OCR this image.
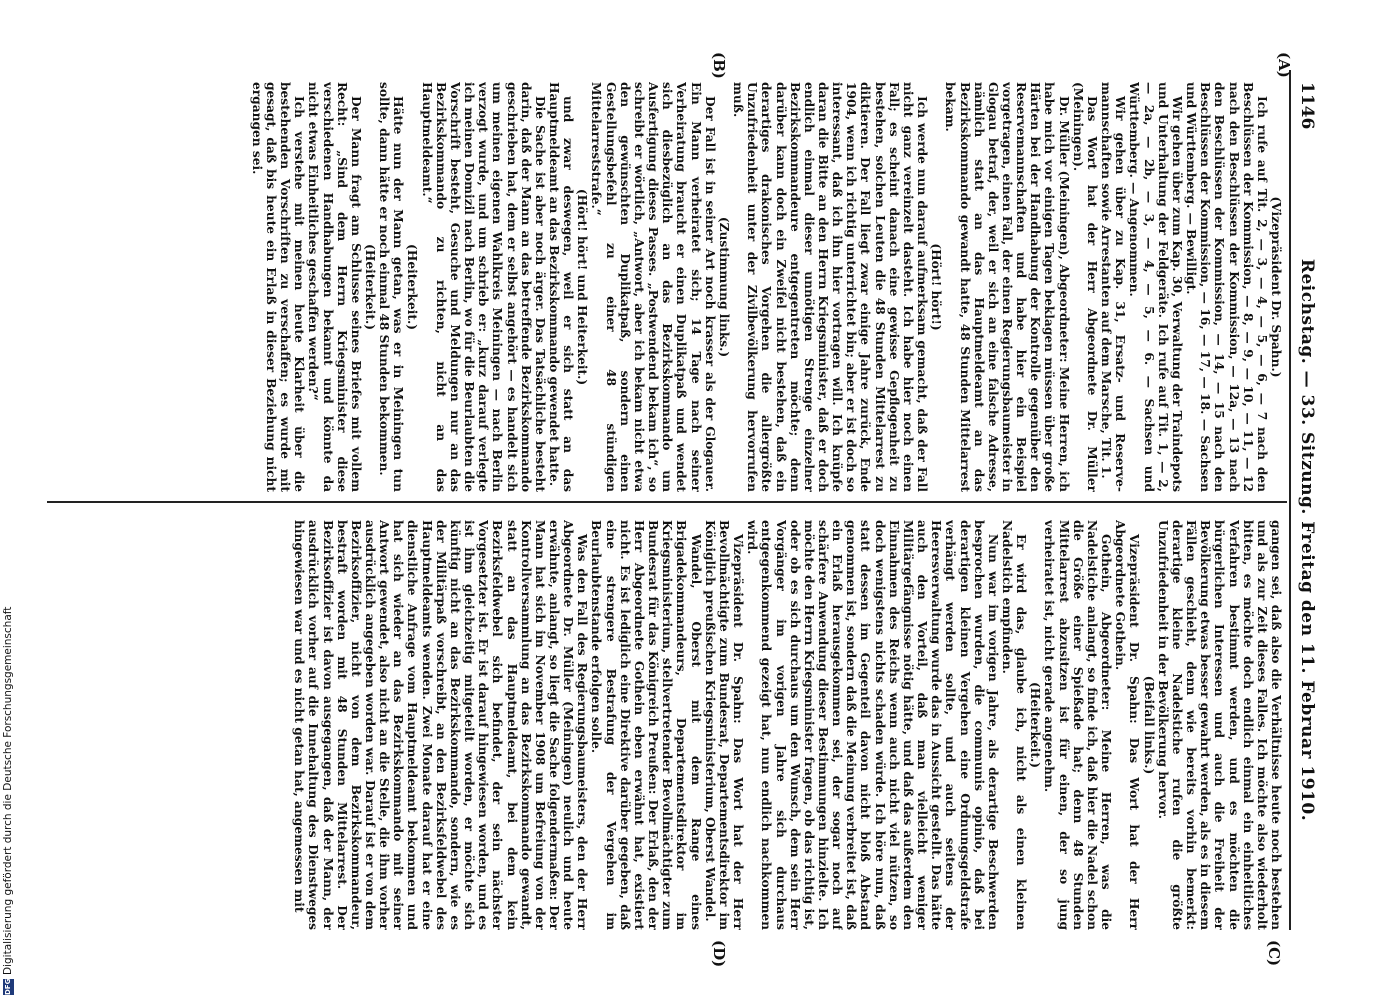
1146
Reichstag. — 33. Sitzung. Freitag den 11. Februar 1910.
(A)
(B)
(C)
(D)

(Vizepräsident Dr. Spahn.)

Ich rufe auf Tit. 2, — 3, — 4, — 5, — 6, — 7 nach den Beschlüssen der Kommission, — 8, — 9, — 10, — 11, — 12 nach den Beschlüssen der Kommission, — 12a, — 13 nach den Beschlüssen der Kommission, — 14, — 15 nach den Beschlüssen der Kommission, — 16, — 17, — 18. — Sachsen und Württemberg. — Bewilligt.

Wir gehen über zum Kap. 30, Verwaltung der Traindepots und Unterhaltung der Feldgeräte. Ich rufe auf Tit. 1, — 2, — 2a, — 2b, — 3, — 4, — 5, — 6. — Sachsen und Württemberg. — Angenommen.

Wir gehen über zu Kap. 31, Ersatz- und Reserve-mannschaften sowie Arrestanten auf dem Marsche, Tit. 1.

Das Wort hat der Herr Abgeordnete Dr. Müller (Meiningen).

Dr. Müller (Meiningen), Abgeordneter: Meine Herren, ich habe mich vor einigen Tagen beklagen müssen über große Härten bei der Handhabung der Kontrolle gegenüber den Reservemannschaften und habe hier ein Beispiel vorgetragen, einen Fall, der einen Regierungsbaumeister in Glogau betraf, der, weil er sich an eine falsche Adresse, nämlich statt an das Hauptmeldeamt an das Bezirkskommando gewandt hatte, 48 Stunden Mittelarrest bekam.

(Hört! hört!)

Ich werde nun darauf aufmerksam gemacht, daß der Fall nicht ganz vereinzelt dasteht. Ich habe hier noch einen Fall; es scheint danach eine gewisse Gepflogenheit zu bestehen, solchen Leuten die 48 Stunden Mittelarrest zu diktieren. Der Fall liegt zwar einige Jahre zurück, Ende 1904, wenn ich richtig unterrichtet bin; aber er ist doch so interessant, daß ich ihn hier vortragen will. Ich knüpfe daran die Bitte an den Herrn Kriegsminister, daß er doch endlich einmal dieser unnötigen Strenge einzelner Bezirkskommandeure entgegentreten möchte; denn darüber kann doch ein Zweifel nicht bestehen, daß ein derartiges drakonisches Vorgehen die allergrößte Unzufriedenheit unter der Zivilbevölkerung hervorrufen muß.

(Zustimmung links.)

Der Fall ist in seiner Art noch krasser als der Glogauer. Ein Mann verheiratet sich; 14 Tage nach seiner Verheiratung braucht er einen Duplikatpaß und wendet sich diesbezüglich an das Bezirkskommando um Ausfertigung dieses Passes. „Postwendend bekam ich“, so schreibt er wörtlich, „Antwort, aber ich bekam nicht etwa den gewünschten Duplikatpaß, sondern einen Gestellungsbefehl zu einer 48 stündigen Mittelarreststrafe.“

(Hört! hört! und Heiterkeit.)

und zwar deswegen, weil er sich statt an das Hauptmeldeamt an das Bezirkskommando gewendet hatte.

Die Sache ist aber noch ärger. Das Tatsächliche besteht darin, daß der Mann an das betreffende Bezirkskommando geschrieben hat, dem er selbst angehört — es handelt sich um meinen eigenen Wahlkreis Meiningen — nach Berlin verzogt wurde, und um schrieb er: „kurz darauf verlegte ich meinen Domizil nach Berlin, wo für die Beurlaubten die Vorschrift besteht, Gesuche und Meldungen nur an das Bezirkskommando zu richten, nicht an das Hauptmeldeamt.“

(Heiterkeit.)

Hätte nun der Mann getan, was er in Meiningen tun sollte, dann hätte er noch einmal 48 Stunden bekommen.

(Heiterkeit.)

Der Mann fragt am Schlusse seines Briefes mit vollem Recht: „Sind dem Herrn Kriegsminister diese verschiedenen Handhabungen bekannt und könnte da nicht etwas Einheitliches geschaffen werden?“

Ich verstehe mit meinen heute Klarheit über die bestehenden Vorschriften zu verschaffen; es wurde mit gesagt, daß bis heute ein Erlaß in dieser Beziehung nicht ergangen sei.

gangen sei, daß also die Verhältnisse heute noch bestehen und als zur Zeit dieses Falles. Ich möchte also wiederholt bitten, es möchte doch endlich einmal ein einheitliches Verfahren bestimmt werden, und es möchten die bürgerlichen Interessen und auch die Freiheit der Bevölkerung etwas besser gewahrt werden, als es in diesem Fällen geschieht, denn wie bereits vorhin bemerkt: derartige kleine Nadelstiche rufen die größte Unzufriedenheit in der Bevölkerung hervor.

(Beifall links.)

Vizepräsident Dr. Spahn: Das Wort hat der Herr Abgeordnete Gothein.

Gothein, Abgeordneter: Meine Herren, was die Nadelstiche anlangt, so finde ich, daß hier die Nadel schon die Größe einer Spießade hat; denn 48 Stunden Mittelarrest abzusitzen ist für einen, der so jung verheiratet ist, nicht gerade angenehm.

(Heiterkeit.)

Er wird das, glaube ich, nicht als einen kleinen Nadelstich empfinden.

Nun war im vorigen Jahre, als derartige Beschwerden besprochen wurden, die communis opinio, daß bei derartigen kleinen Vergehen eine Ordnungsgeldstrafe verhängt werden sollte, und auch seitens der Heeresverwaltung wurde das in Aussicht gestellt. Das hätte auch den Vorteil, daß man vielleicht weniger Militärgefängnisse nötig hätte, und daß das außerdem den Einnahmen des Reichs wenn auch nicht viel nützen, so doch wenigstens nichts schaden würde. Ich höre nun, daß statt dessen im Gegenteil davon nicht bloß Abstand genommen ist, sondern daß die Meinung verbreitet ist, daß ein Erlaß herausgekommen sei, der sogar noch auf schärfere Anwendung dieser Bestimmungen hinzielte. Ich möchte den Herrn Kriegsminister fragen, ob das richtig ist, oder ob es sich durchaus um den Wunsch, dem sein Herr Vorgänger im vorigen Jahre sich durchaus entgegenkommend gezeigt hat, nun endlich nachkommen wird.

Vizepräsident Dr. Spahn: Das Wort hat der Herr Bevollmächtigte zum Bundesrat, Departementsdirektor im Königlich preußischen Kriegsministerium, Oberst Wandel.

Wandel, Oberst mit dem Range eines Brigadekommandeurs, Departementsdirektor im Kriegsministerium, stellvertretender Bevollmächtigter zum Bundesrat für das Königreich Preußen: Der Erlaß, den der Herr Abgeordnete Gothein eben erwähnt hat, existiert nicht. Es ist lediglich eine Direktive darüber gegeben, daß eine strengere Bestrafung der Vergehen im Beurlaubtenstande erfolgen solle.

Was den Fall des Regierungsbaumeisters, den der Herr Abgeordnete Dr. Müller (Meiningen) neulich und heute erwähnte, anlangt, so liegt die Sache folgendermaßen: Der Mann hat sich im November 1908 um Befreiung von der Kontrollversammlung an das Bezirkskommando gewandt, statt an das Hauptmeldeamt, bei dem kein Bezirksfeldwebel sich befindet, der sein nächster Vorgesetzter ist. Er ist darauf hingewiesen worden, und es ist ihm gleichzeitig mitgeteilt worden, er möchte sich künftig nicht an das Bezirkskommando, sondern, wie es der Militärpaß vorschreibt, an den Bezirksfeldwebel des Hauptmeldeamts wenden. Zwei Monate darauf hat er eine dienstliche Anfrage vom Hauptmeldeamt bekommen und hat sich wieder an das Bezirkskommando mit seiner Antwort gewendet, also nicht an die Stelle, die ihm vorher ausdrücklich angegeben worden war. Darauf ist er von dem Bezirksoffizier, nicht von dem Bezirkskommandeur, bestraft worden mit 48 Stunden Mittelarrest. Der Bezirksoffizier ist davon ausgegangen, daß der Mann, der ausdrücklich vorher auf die Innehaltung des Dienstweges hingewiesen war und es nicht getan hat, angemessen mit

DFG
Digitalisierung gefördert durch die Deutsche Forschungsgemeinschaft
